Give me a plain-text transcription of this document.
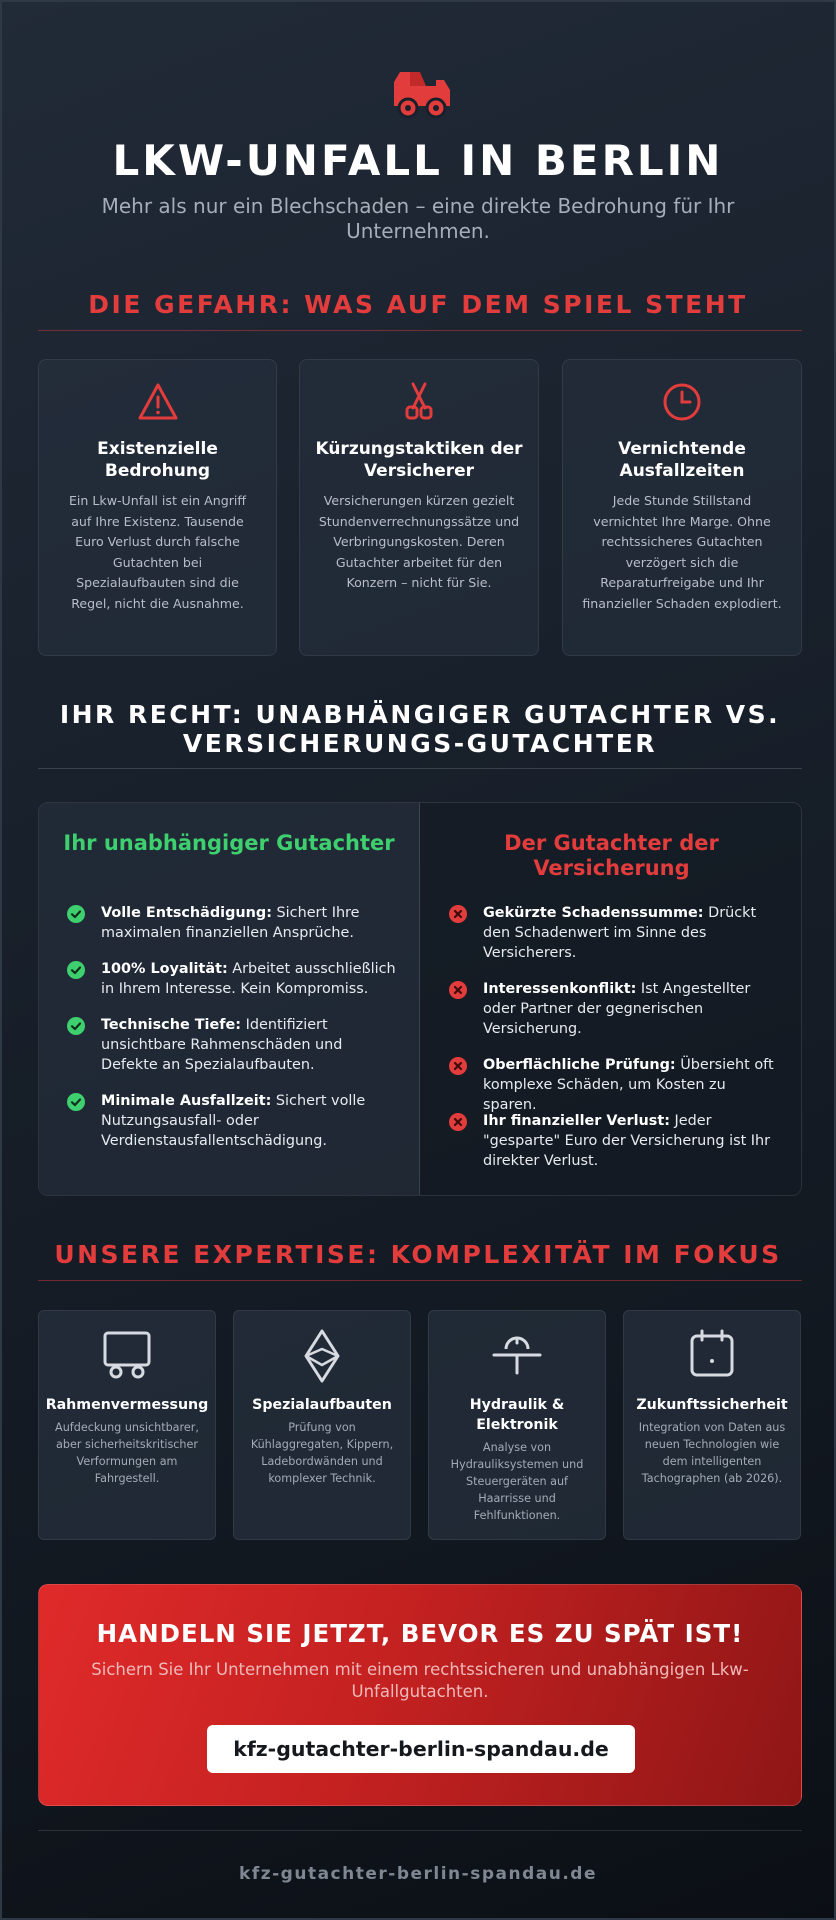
LKW-UNFALL IN BERLIN
Mehr als nur ein Blechschaden – eine direkte Bedrohung für Ihr Unternehmen.
DIE GEFAHR: WAS AUF DEM SPIEL STEHT
Existenzielle Bedrohung

Ein Lkw-Unfall ist ein Angriff auf Ihre Existenz. Tausende Euro Verlust durch falsche Gutachten bei Spezialaufbauten sind die Regel, nicht die Ausnahme.

Kürzungstaktiken der Versicherer

Versicherungen kürzen gezielt Stundenverrechnungssätze und Verbringungskosten. Deren Gutachter arbeitet für den Konzern – nicht für Sie.

Vernichtende Ausfallzeiten

Jede Stunde Stillstand vernichtet Ihre Marge. Ohne rechtssicheres Gutachten verzögert sich die Reparaturfreigabe und Ihr finanzieller Schaden explodiert.

IHR RECHT: UNABHÄNGIGER GUTACHTER VS. VERSICHERUNGS-GUTACHTER
Ihr unabhängiger Gutachter
Volle Entschädigung: Sichert Ihre maximalen finanziellen Ansprüche.
100% Loyalität: Arbeitet ausschließlich in Ihrem Interesse. Kein Kompromiss.
Technische Tiefe: Identifiziert unsichtbare Rahmenschäden und Defekte an Spezialaufbauten.
Minimale Ausfallzeit: Sichert volle Nutzungsausfall- oder Verdienstausfallentschädigung.
Der Gutachter der Versicherung
Gekürzte Schadenssumme: Drückt den Schadenwert im Sinne des Versicherers.
Interessenkonflikt: Ist Angestellter oder Partner der gegnerischen Versicherung.
Oberflächliche Prüfung: Übersieht oft komplexe Schäden, um Kosten zu sparen.
Ihr finanzieller Verlust: Jeder "gesparte" Euro der Versicherung ist Ihr direkter Verlust.
UNSERE EXPERTISE: KOMPLEXITÄT IM FOKUS
Rahmenvermessung

Aufdeckung unsichtbarer, aber sicherheitskritischer Verformungen am Fahrgestell.

Spezialaufbauten

Prüfung von Kühlaggregaten, Kippern, Ladebordwänden und komplexer Technik.

Hydraulik & Elektronik

Analyse von Hydrauliksystemen und Steuergeräten auf Haarrisse und Fehlfunktionen.

Zukunftssicherheit

Integration von Daten aus neuen Technologien wie dem intelligenten Tachographen (ab 2026).

HANDELN SIE JETZT, BEVOR ES ZU SPÄT IST!

Sichern Sie Ihr Unternehmen mit einem rechtssicheren und unabhängigen Lkw-Unfallgutachten.

kfz-gutachter-berlin-spandau.de
kfz-gutachter-berlin-spandau.de
